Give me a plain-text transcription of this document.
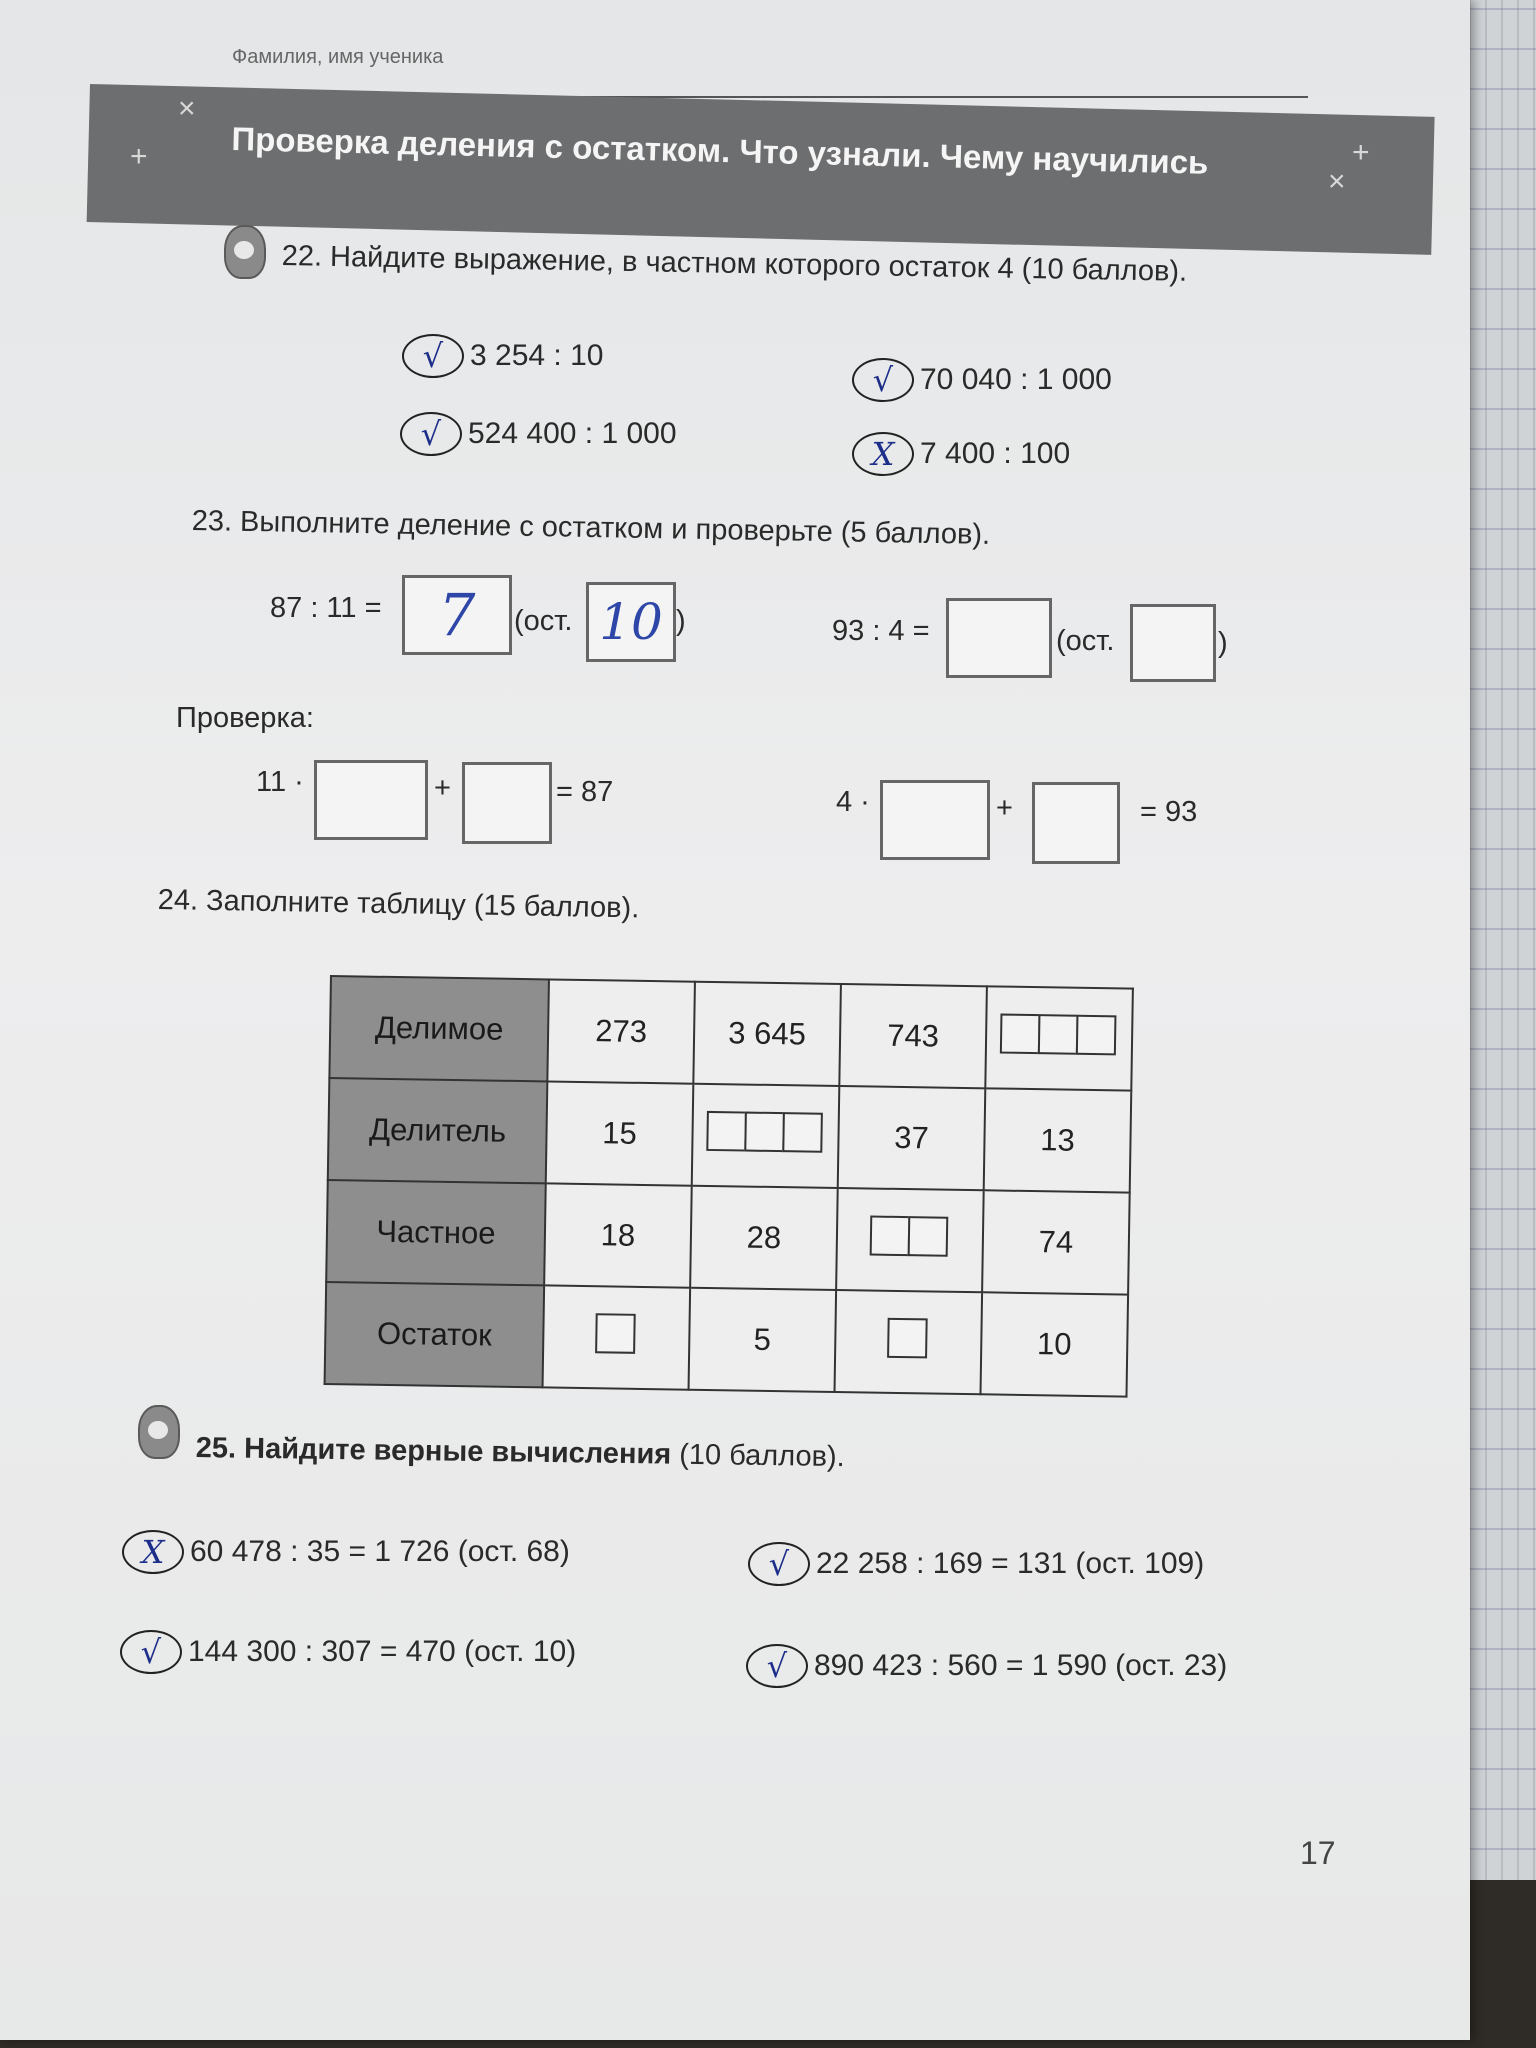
Фамилия, имя ученика
×
+
×
+
Проверка деления с остатком. Что узнали. Чему научились
22. Найдите выражение, в частном которого остаток 4 (10 баллов).
√ 3 254 : 10
√ 524 400 : 1 000
√ 70 040 : 1 000
X 7 400 : 100
23. Выполните деление с остатком и проверьте (5 баллов).
87 : 11 = 7	(ост. 10 )	93 : 4 =	(ост.	)
Проверка:
11 ·	+	= 87	4 ·	+	= 93
24. Заполните таблицу (15 баллов).
Делимое	273	3 645	743	

Делитель	15		37	13
Частное	18	28		74
Остаток		5		10
25. Найдите верные вычисления (10 баллов).
X 60 478 : 35 = 1 726 (ост. 68)
√ 144 300 : 307 = 470 (ост. 10)
√ 22 258 : 169 = 131 (ост. 109)
√ 890 423 : 560 = 1 590 (ост. 23)
17
